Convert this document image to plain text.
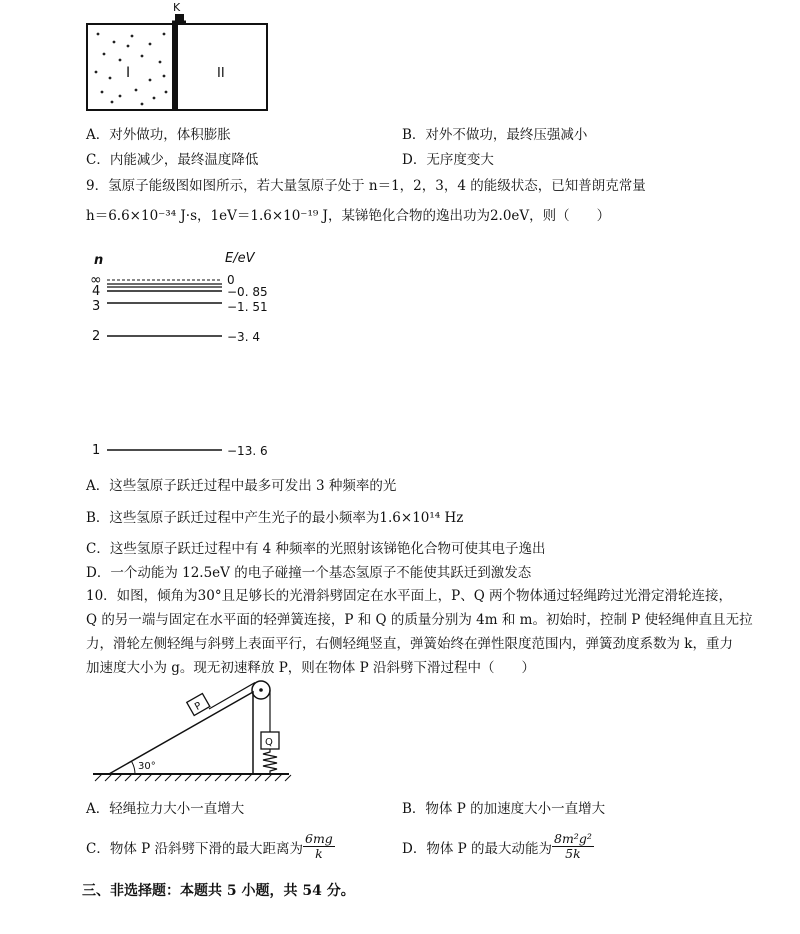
K
I	II
A．对外做功，体积膨胀	B．对外不做功，最终压强减小
C．内能减少，最终温度降低	D．无序度变大
9．氢原子能级图如图所示，若大量氢原子处于 n＝1，2，3，4 的能级状态，已知普朗克常量
h＝6.6×10⁻³⁴ J·s，1eV＝1.6×10⁻¹⁹ J，某锑铯化合物的逸出功为2.0eV，则（　　）
n	E/eV
∞	0
4	−0. 85
3	−1. 51
2	−3. 4
1	−13. 6
A．这些氢原子跃迁过程中最多可发出 3 种频率的光
B．这些氢原子跃迁过程中产生光子的最小频率为1.6×10¹⁴ Hz
C．这些氢原子跃迁过程中有 4 种频率的光照射该锑铯化合物可使其电子逸出
D．一个动能为 12.5eV 的电子碰撞一个基态氢原子不能使其跃迁到激发态
10．如图，倾角为30°且足够长的光滑斜劈固定在水平面上，P、Q 两个物体通过轻绳跨过光滑定滑轮连接，
Q 的另一端与固定在水平面的轻弹簧连接，P 和 Q 的质量分别为 4m 和 m。初始时，控制 P 使轻绳伸直且无拉
力，滑轮左侧轻绳与斜劈上表面平行，右侧轻绳竖直，弹簧始终在弹性限度范围内，弹簧劲度系数为 k，重力
加速度大小为 g。现无初速释放 P，则在物体 P 沿斜劈下滑过程中（　　）
30°
P
Q
A．轻绳拉力大小一直增大	B．物体 P 的加速度大小一直增大
C．物体 P 沿斜劈下滑的最大距离为 $\frac{6mg}{k}$	D．物体 P 的最大动能为 $\frac{\text{8m²g²}}{5k}$
三、非选择题：本题共 5 小题，共 54 分。
